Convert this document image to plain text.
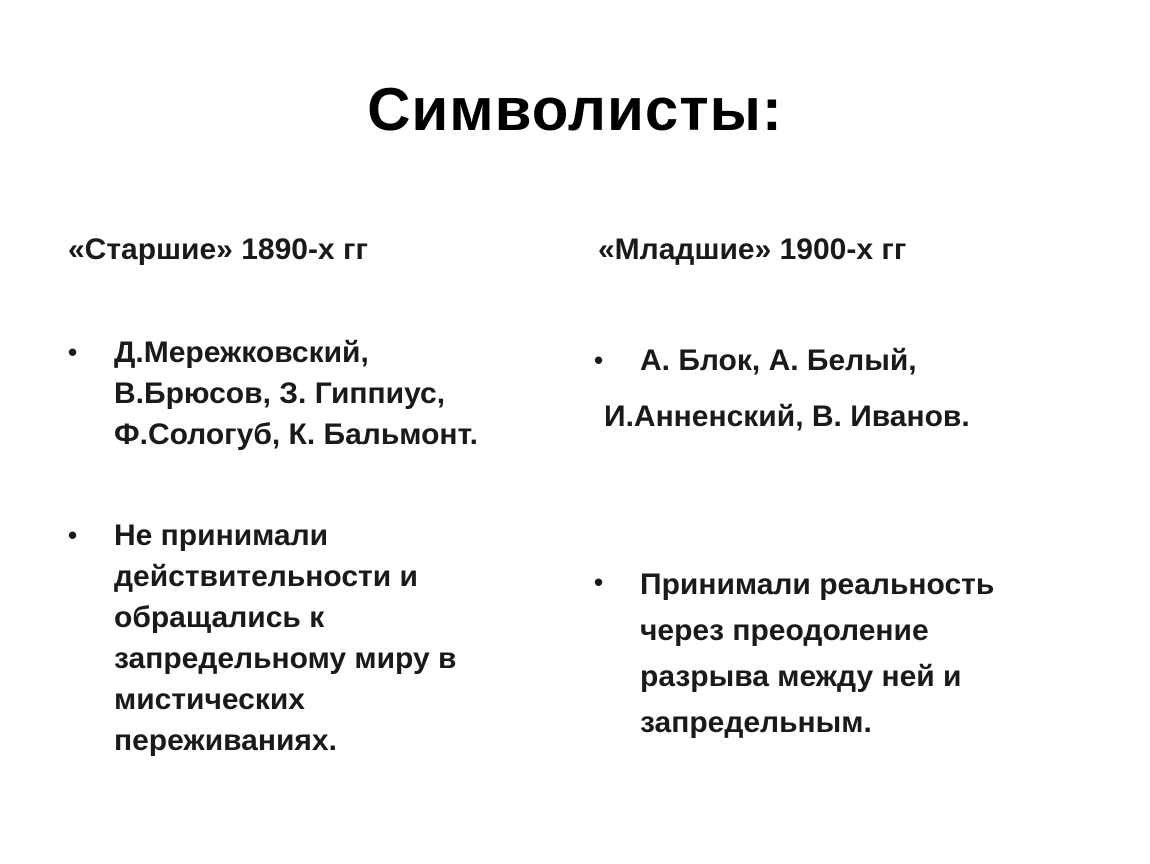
Символисты:
«Старшие» 1890-х гг	«Младшие» 1900-х гг
• Д.Мережковский,
В.Брюсов, З. Гиппиус,
Ф.Сологуб, К. Бальмонт.
• Не принимали
действительности и
обращались к
запредельному миру в
мистических
переживаниях.
• А. Блок, А. Белый,
И.Анненский, В. Иванов.
• Принимали реальность
через преодоление
разрыва между ней и
запредельным.
